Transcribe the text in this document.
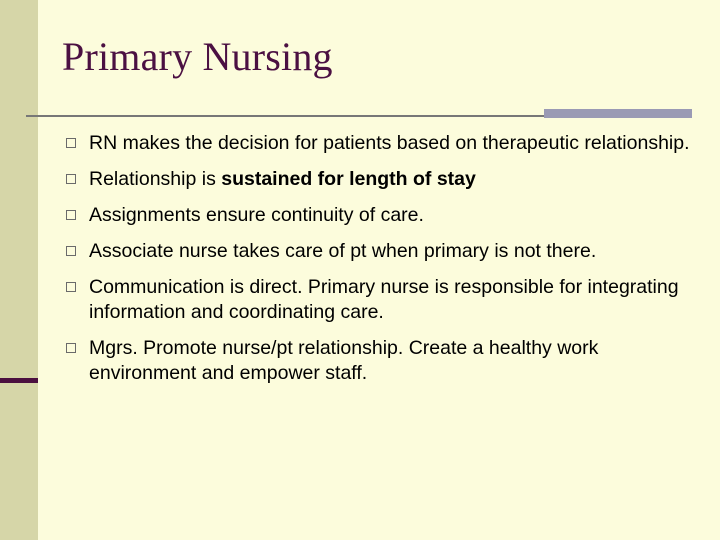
Primary Nursing
RN makes the decision for patients based on therapeutic relationship.
Relationship is sustained for length of stay
Assignments ensure continuity of care.
Associate nurse takes care of pt when primary is not there.
Communication is direct. Primary nurse is responsible for integrating information and coordinating care.
Mgrs. Promote nurse/pt relationship. Create a healthy work environment and empower staff.
